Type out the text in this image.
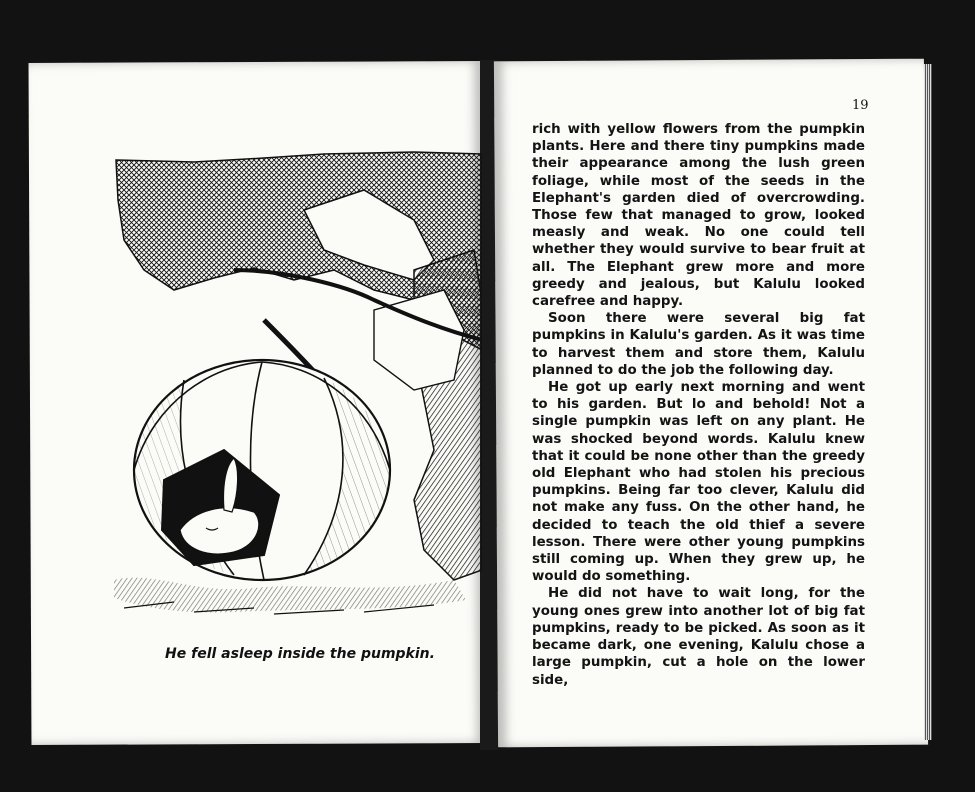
He fell asleep inside the pumpkin.
19

rich with yellow flowers from the pumpkin plants. Here and there tiny pumpkins made their appearance among the lush green foliage, while most of the seeds in the Elephant's garden died of overcrowding. Those few that managed to grow, looked measly and weak. No one could tell whether they would survive to bear fruit at all. The Elephant grew more and more greedy and jealous, but Kalulu looked carefree and happy.

Soon there were several big fat pumpkins in Kalulu's garden. As it was time to harvest them and store them, Kalulu planned to do the job the following day.

He got up early next morning and went to his garden. But lo and behold! Not a single pumpkin was left on any plant. He was shocked beyond words. Kalulu knew that it could be none other than the greedy old Elephant who had stolen his precious pumpkins. Being far too clever, Kalulu did not make any fuss. On the other hand, he decided to teach the old thief a severe lesson. There were other young pumpkins still coming up. When they grew up, he would do something.

He did not have to wait long, for the young ones grew into another lot of big fat pumpkins, ready to be picked. As soon as it became dark, one evening, Kalulu chose a large pumpkin, cut a hole on the lower side,
